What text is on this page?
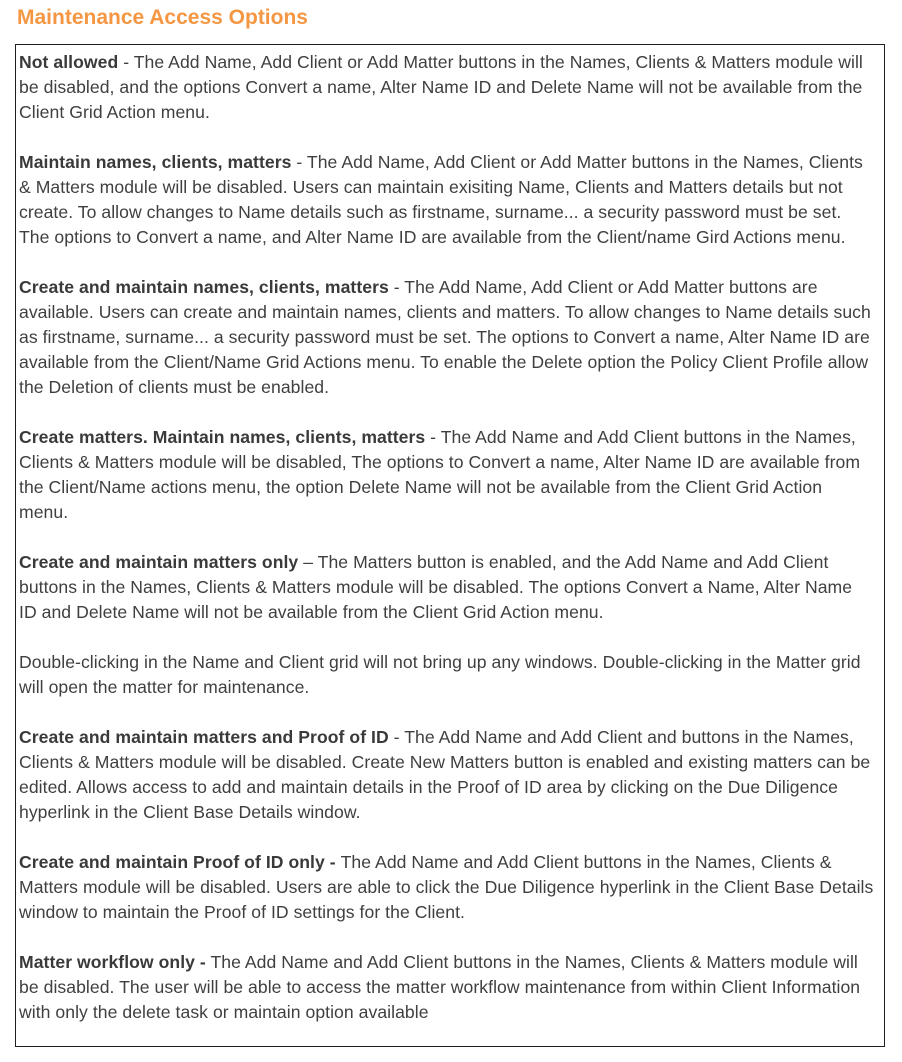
Maintenance Access Options

Not allowed - The Add Name, Add Client or Add Matter buttons in the Names, Clients & Matters module will be disabled, and the options Convert a name, Alter Name ID and Delete Name will not be available from the Client Grid Action menu.

Maintain names, clients, matters - The Add Name, Add Client or Add Matter buttons in the Names, Clients & Matters module will be disabled. Users can maintain exisiting Name, Clients and Matters details but not create. To allow changes to Name details such as firstname, surname... a security password must be set. The options to Convert a name, and Alter Name ID are available from the Client/name Gird Actions menu.

Create and maintain names, clients, matters - The Add Name, Add Client or Add Matter buttons are available. Users can create and maintain names, clients and matters. To allow changes to Name details such as firstname, surname... a security password must be set. The options to Convert a name, Alter Name ID are available from the Client/Name Grid Actions menu. To enable the Delete option the Policy Client Profile allow the Deletion of clients must be enabled.

Create matters. Maintain names, clients, matters - The Add Name and Add Client buttons in the Names, Clients & Matters module will be disabled, The options to Convert a name, Alter Name ID are available from the Client/Name actions menu, the option Delete Name will not be available from the Client Grid Action menu.

Create and maintain matters only – The Matters button is enabled, and the Add Name and Add Client buttons in the Names, Clients & Matters module will be disabled. The options Convert a Name, Alter Name ID and Delete Name will not be available from the Client Grid Action menu.

Double-clicking in the Name and Client grid will not bring up any windows. Double-clicking in the Matter grid will open the matter for maintenance.

Create and maintain matters and Proof of ID - The Add Name and Add Client and buttons in the Names, Clients & Matters module will be disabled. Create New Matters button is enabled and existing matters can be edited. Allows access to add and maintain details in the Proof of ID area by clicking on the Due Diligence hyperlink in the Client Base Details window.

Create and maintain Proof of ID only - The Add Name and Add Client buttons in the Names, Clients & Matters module will be disabled. Users are able to click the Due Diligence hyperlink in the Client Base Details window to maintain the Proof of ID settings for the Client.

Matter workflow only - The Add Name and Add Client buttons in the Names, Clients & Matters module will be disabled. The user will be able to access the matter workflow maintenance from within Client Information with only the delete task or maintain option available
